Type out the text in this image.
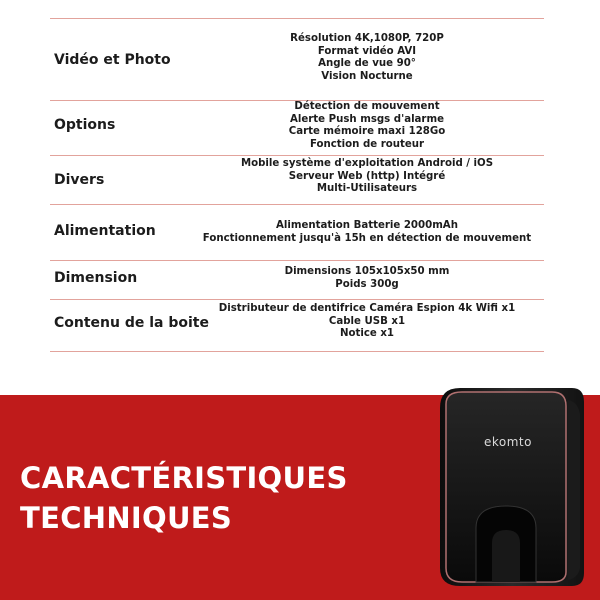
Vidéo et Photo
Résolution 4K,1080P, 720P
Format vidéo AVI
Angle de vue 90°
Vision Nocturne
Options
Détection de mouvement
Alerte Push msgs d'alarme
Carte mémoire maxi 128Go
Fonction de routeur
Divers
Mobile système d'exploitation Android / iOS
Serveur Web (http) Intégré
Multi-Utilisateurs
Alimentation	Alimentation Batterie 2000mAh
Fonctionnement jusqu'à 15h en détection de mouvement
Dimension	Dimensions 105x105x50 mm
Poids 300g
Contenu de la boite
Distributeur de dentifrice Caméra Espion 4k Wifi x1
Cable USB x1
Notice x1
CARACTÉRISTIQUES
TECHNIQUES
ekomto
